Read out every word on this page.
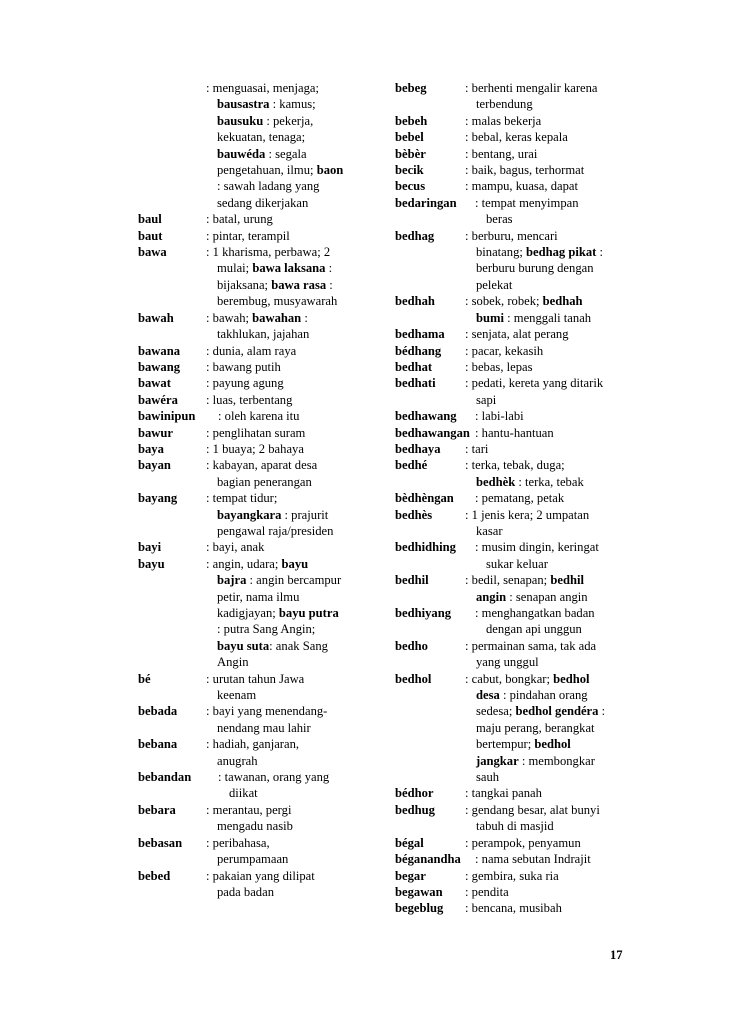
: menguasai, menjaga;
bausastra : kamus;
bausuku : pekerja,
kekuatan, tenaga;
bauwéda : segala
pengetahuan, ilmu; baon
: sawah ladang yang
sedang dikerjakan
baul	: batal, urung
baut	: pintar, terampil
bawa	: 1 kharisma, perbawa; 2
mulai; bawa laksana :
bijaksana; bawa rasa :
berembug, musyawarah
bawah	: bawah; bawahan :
takhlukan, jajahan
bawana : dunia, alam raya
bawang : bawang putih
bawat	: payung agung
bawéra : luas, terbentang
bawinipun : oleh karena itu
bawur	: penglihatan suram
baya	: 1 buaya; 2 bahaya
bayan	: kabayan, aparat desa
bagian penerangan
bayang : tempat tidur;
bayangkara : prajurit
pengawal raja/presiden
bayi	: bayi, anak
bayu	: angin, udara; bayu
bajra : angin bercampur
petir, nama ilmu
kadigjayan; bayu putra
: putra Sang Angin;
bayu suta: anak Sang
Angin
bé	: urutan tahun Jawa
keenam
bebada : bayi yang menendang-
nendang mau lahir
bebana : hadiah, ganjaran,
anugrah
bebandan : tawanan, orang yang
diikat
bebara : merantau, pergi
mengadu nasib
bebasan : peribahasa,
perumpamaan
bebed	: pakaian yang dilipat
pada badan
bebeg	: berhenti mengalir karena
terbendung
bebeh	: malas bekerja
bebel	: bebal, keras kepala
bèbèr	: bentang, urai
becik	: baik, bagus, terhormat
becus	: mampu, kuasa, dapat
bedaringan : tempat menyimpan
beras
bedhag : berburu, mencari
binatang; bedhag pikat :
berburu burung dengan
pelekat
bedhah : sobek, robek; bedhah
bumi : menggali tanah
bedhama : senjata, alat perang
bédhang : pacar, kekasih
bedhat	: bebas, lepas
bedhati : pedati, kereta yang ditarik
sapi
bedhawang : labi-labi
bedhawangan : hantu-hantuan
bedhaya : tari
bedhé	: terka, tebak, duga;
bedhèk : terka, tebak
bèdhèngan : pematang, petak
bedhès	: 1 jenis kera; 2 umpatan
kasar
bedhidhing : musim dingin, keringat
sukar keluar
bedhil	: bedil, senapan; bedhil
angin : senapan angin
bedhiyang : menghangatkan badan
dengan api unggun
bedho	: permainan sama, tak ada
yang unggul
bedhol	: cabut, bongkar; bedhol
desa : pindahan orang
sedesa; bedhol gendéra :
maju perang, berangkat
bertempur; bedhol
jangkar : membongkar
sauh
bédhor	: tangkai panah
bedhug : gendang besar, alat bunyi
tabuh di masjid
bégal	: perampok, penyamun
béganandha : nama sebutan Indrajit
begar	: gembira, suka ria
begawan : pendita
begeblug : bencana, musibah
17
